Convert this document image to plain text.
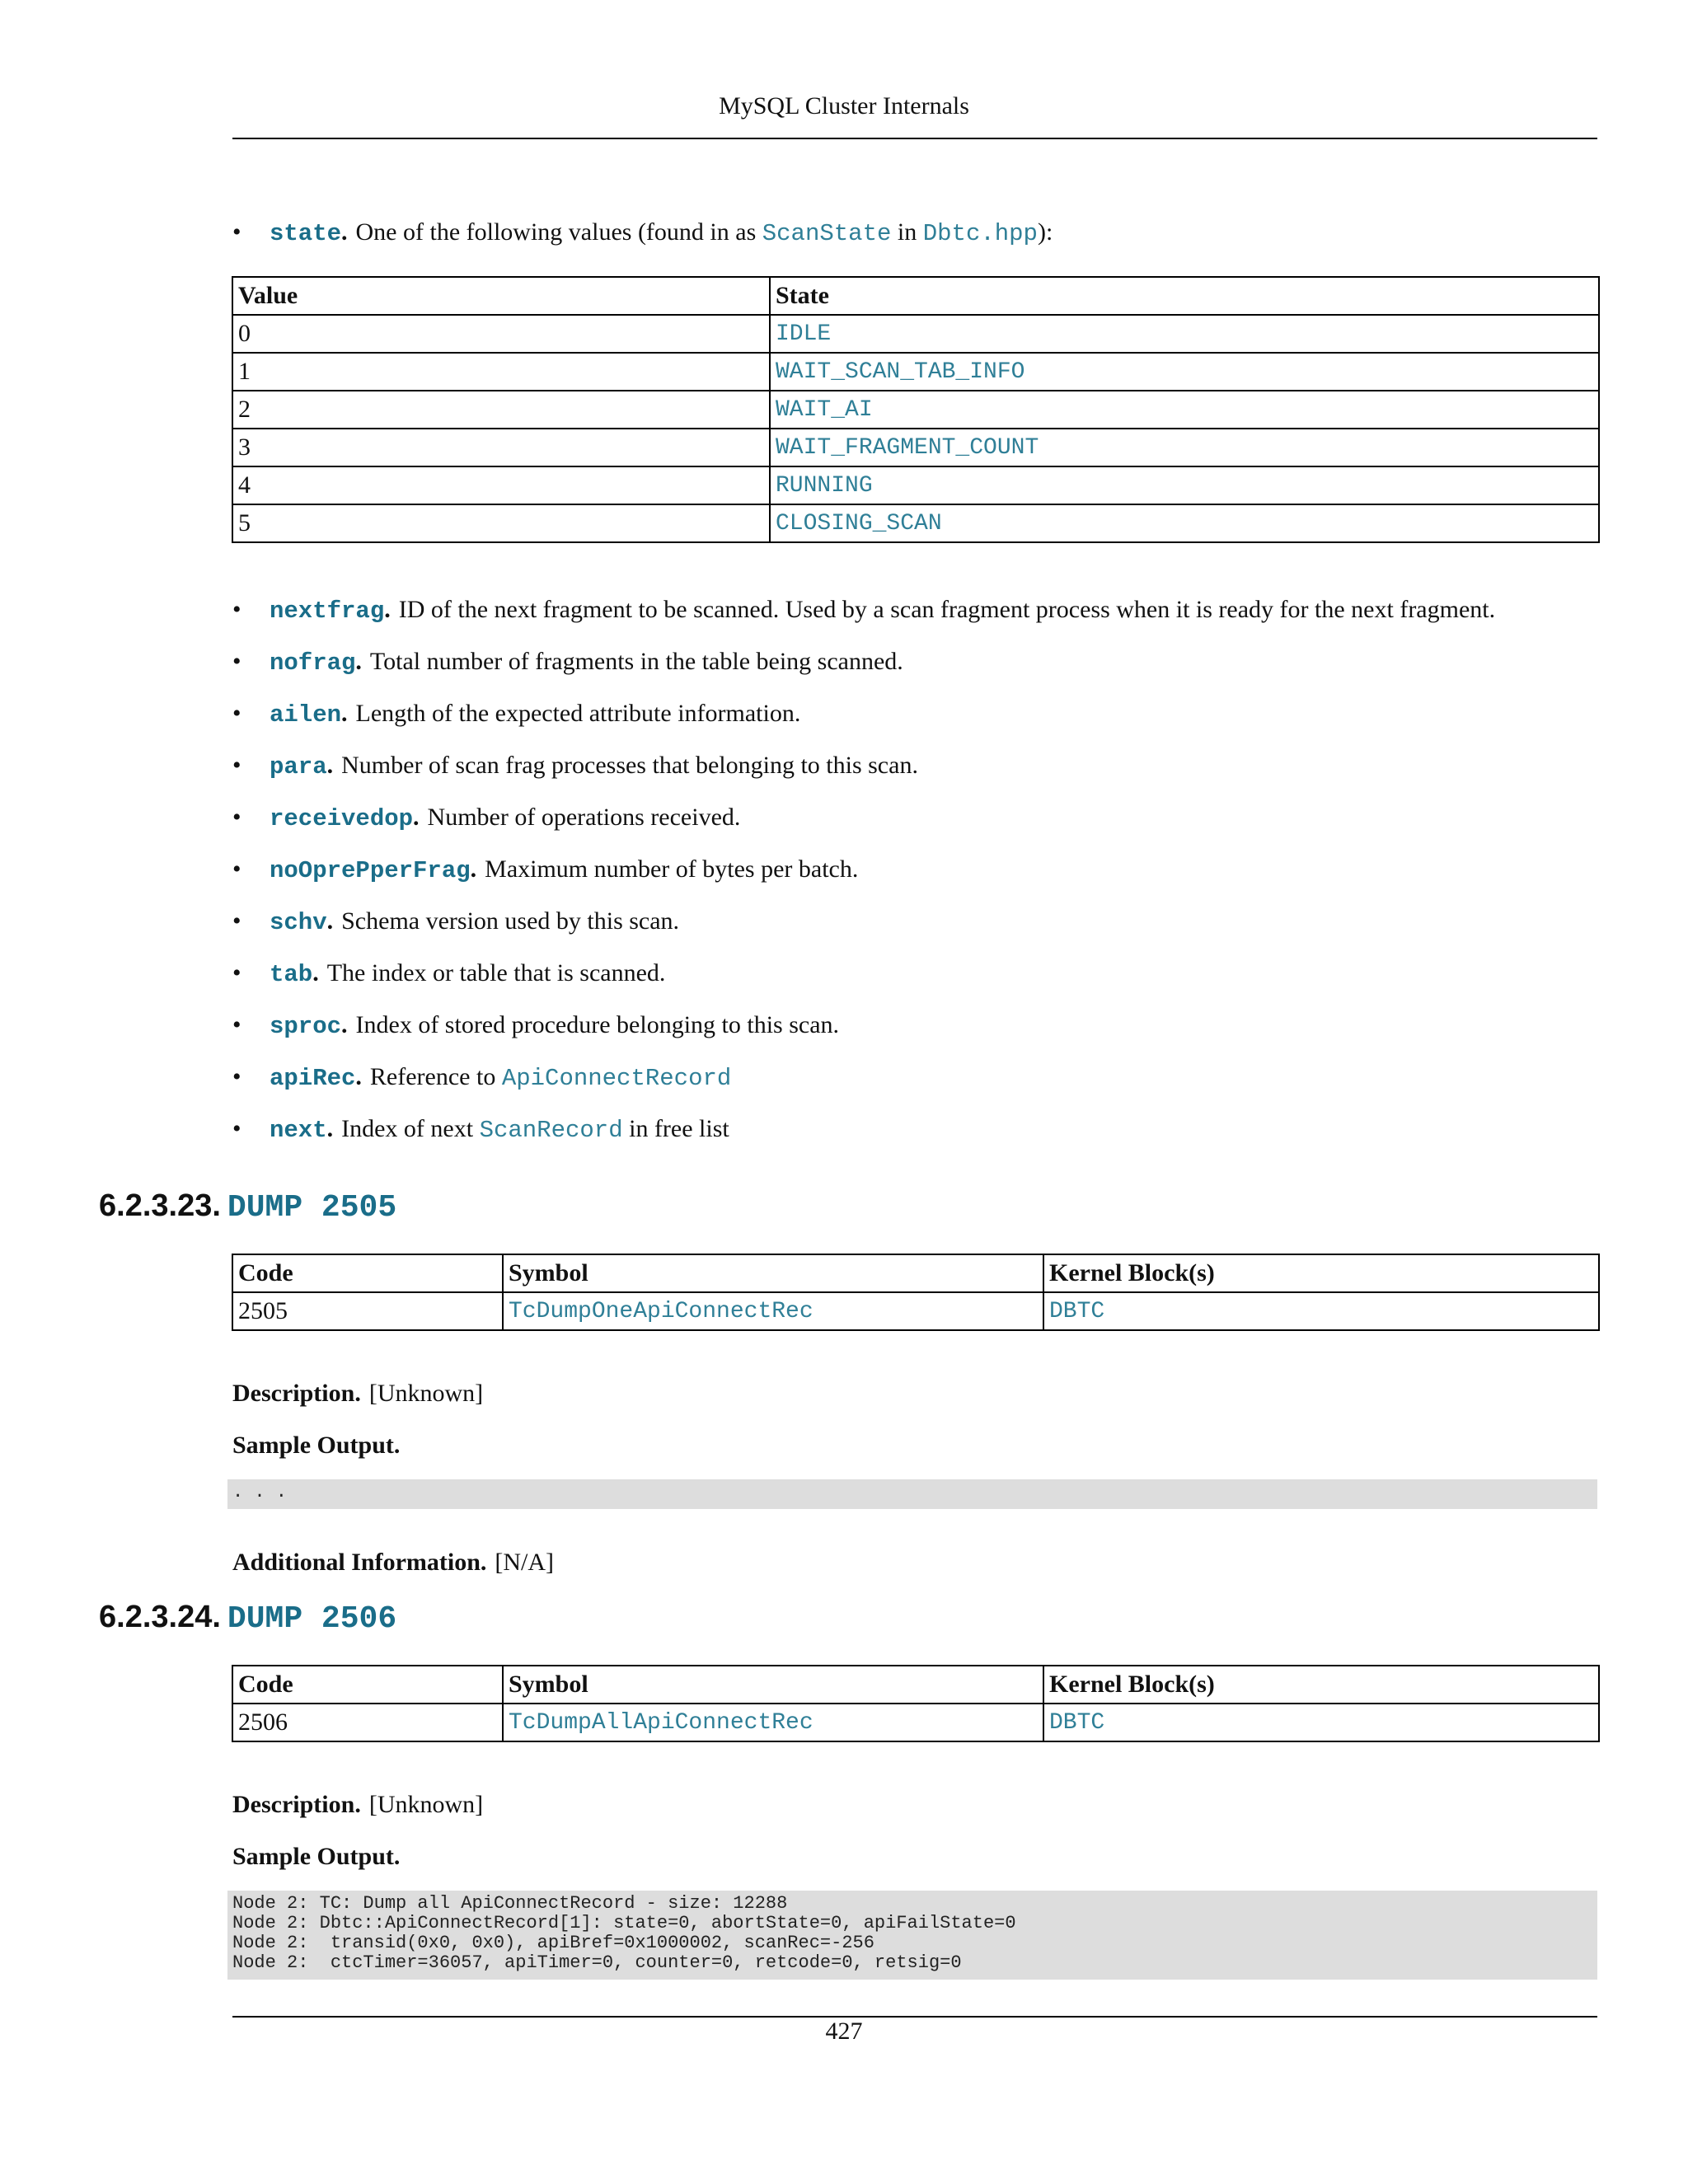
MySQL Cluster Internals
• state. One of the following values (found in as ScanState in Dbtc.hpp):
Value	State
0	IDLE
1	WAIT_SCAN_TAB_INFO
2	WAIT_AI
3	WAIT_FRAGMENT_COUNT
4	RUNNING
5	CLOSING_SCAN
• nextfrag. ID of the next fragment to be scanned. Used by a scan fragment process when it is ready for the next fragment.
• nofrag. Total number of fragments in the table being scanned.
• ailen. Length of the expected attribute information.
• para. Number of scan frag processes that belonging to this scan.
• receivedop. Number of operations received.
• noOprePperFrag. Maximum number of bytes per batch.
• schv. Schema version used by this scan.
• tab. The index or table that is scanned.
• sproc. Index of stored procedure belonging to this scan.
• apiRec. Reference to ApiConnectRecord
• next. Index of next ScanRecord in free list
6.2.3.23. DUMP 2505
Code	Symbol	Kernel Block(s)
2505	TcDumpOneApiConnectRec	DBTC
Description. [Unknown]
Sample Output.
. . .
Additional Information. [N/A]
6.2.3.24. DUMP 2506
Code	Symbol	Kernel Block(s)
2506	TcDumpAllApiConnectRec	DBTC
Description. [Unknown]
Sample Output.
Node 2: TC: Dump all ApiConnectRecord - size: 12288
Node 2: Dbtc::ApiConnectRecord[1]: state=0, abortState=0, apiFailState=0
Node 2:  transid(0x0, 0x0), apiBref=0x1000002, scanRec=-256
Node 2:  ctcTimer=36057, apiTimer=0, counter=0, retcode=0, retsig=0
427
